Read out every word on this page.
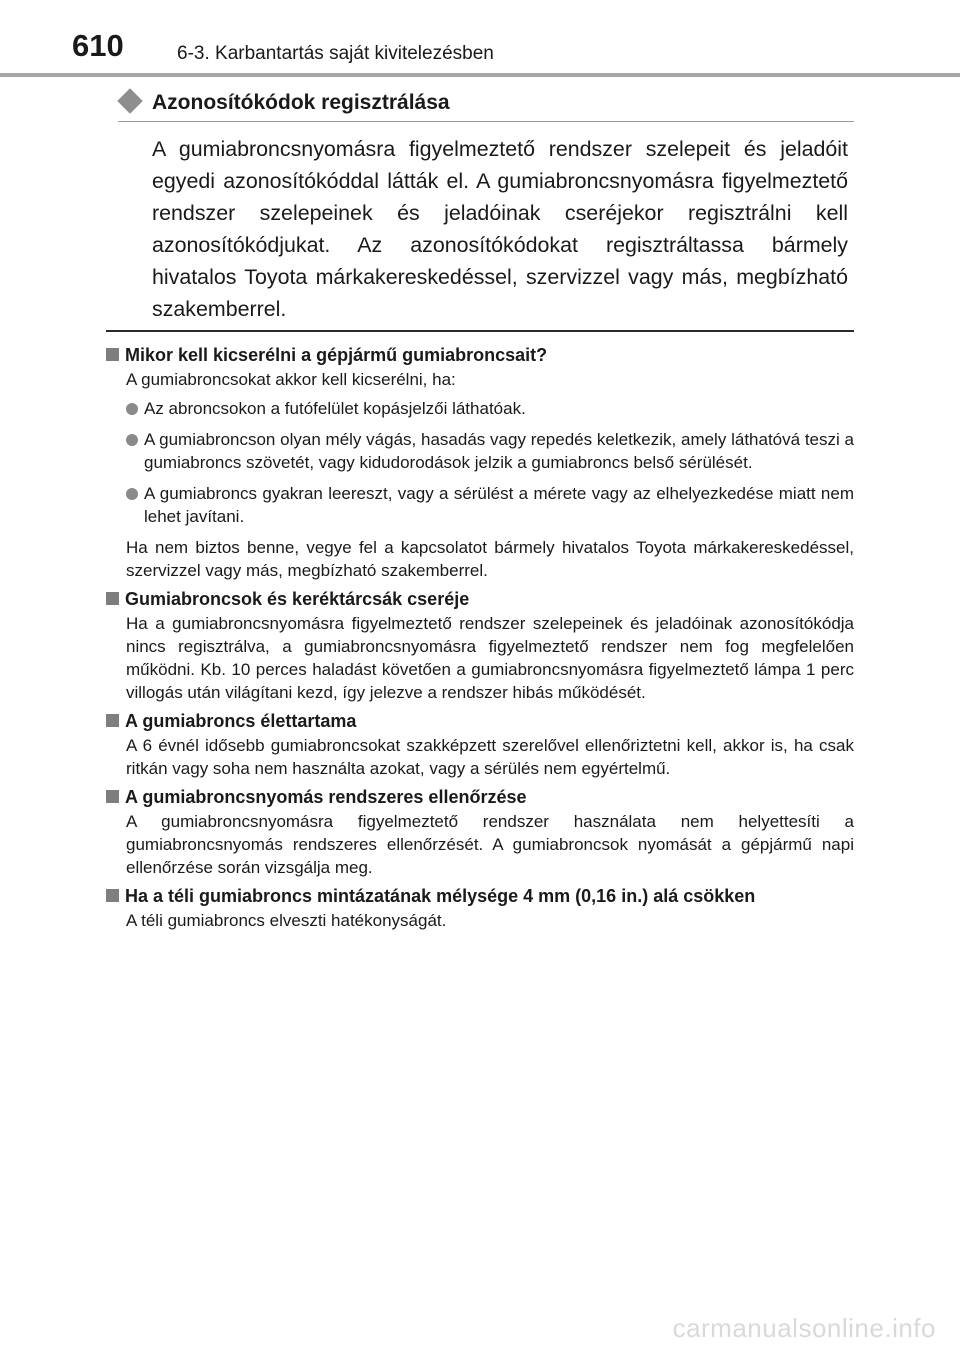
610	6-3. Karbantartás saját kivitelezésben
Azonosítókódok regisztrálása

A gumiabroncsnyomásra figyelmeztető rendszer szelepeit és jeladóit egyedi azonosítókóddal látták el. A gumiabroncsnyomásra figyelmeztető rendszer szelepeinek és jeladóinak cseréjekor regisztrálni kell azonosítókódjukat. Az azonosítókódokat regisztráltassa bármely hivatalos Toyota márkakereskedéssel, szervizzel vagy más, megbízható szakemberrel.

Mikor kell kicserélni a gépjármű gumiabroncsait?
A gumiabroncsokat akkor kell kicserélni, ha:
Az abroncsokon a futófelület kopásjelzői láthatóak.
A gumiabroncson olyan mély vágás, hasadás vagy repedés keletkezik, amely láthatóvá teszi a gumiabroncs szövetét, vagy kidudorodások jelzik a gumiabroncs belső sérülését.
A gumiabroncs gyakran leereszt, vagy a sérülést a mérete vagy az elhelyezkedése miatt nem lehet javítani.
Ha nem biztos benne, vegye fel a kapcsolatot bármely hivatalos Toyota márkakereskedéssel, szervizzel vagy más, megbízható szakemberrel.
Gumiabroncsok és keréktárcsák cseréje
Ha a gumiabroncsnyomásra figyelmeztető rendszer szelepeinek és jeladóinak azonosítókódja nincs regisztrálva, a gumiabroncsnyomásra figyelmeztető rendszer nem fog megfelelően működni. Kb. 10 perces haladást követően a gumiabroncsnyomásra figyelmeztető lámpa 1 perc villogás után világítani kezd, így jelezve a rendszer hibás működését.
A gumiabroncs élettartama
A 6 évnél idősebb gumiabroncsokat szakképzett szerelővel ellenőriztetni kell, akkor is, ha csak ritkán vagy soha nem használta azokat, vagy a sérülés nem egyértelmű.
A gumiabroncsnyomás rendszeres ellenőrzése
A gumiabroncsnyomásra figyelmeztető rendszer használata nem helyettesíti a gumiabroncsnyomás rendszeres ellenőrzését. A gumiabroncsok nyomását a gépjármű napi ellenőrzése során vizsgálja meg.
Ha a téli gumiabroncs mintázatának mélysége 4 mm (0,16 in.) alá csökken
A téli gumiabroncs elveszti hatékonyságát.
carmanualsonline.info
